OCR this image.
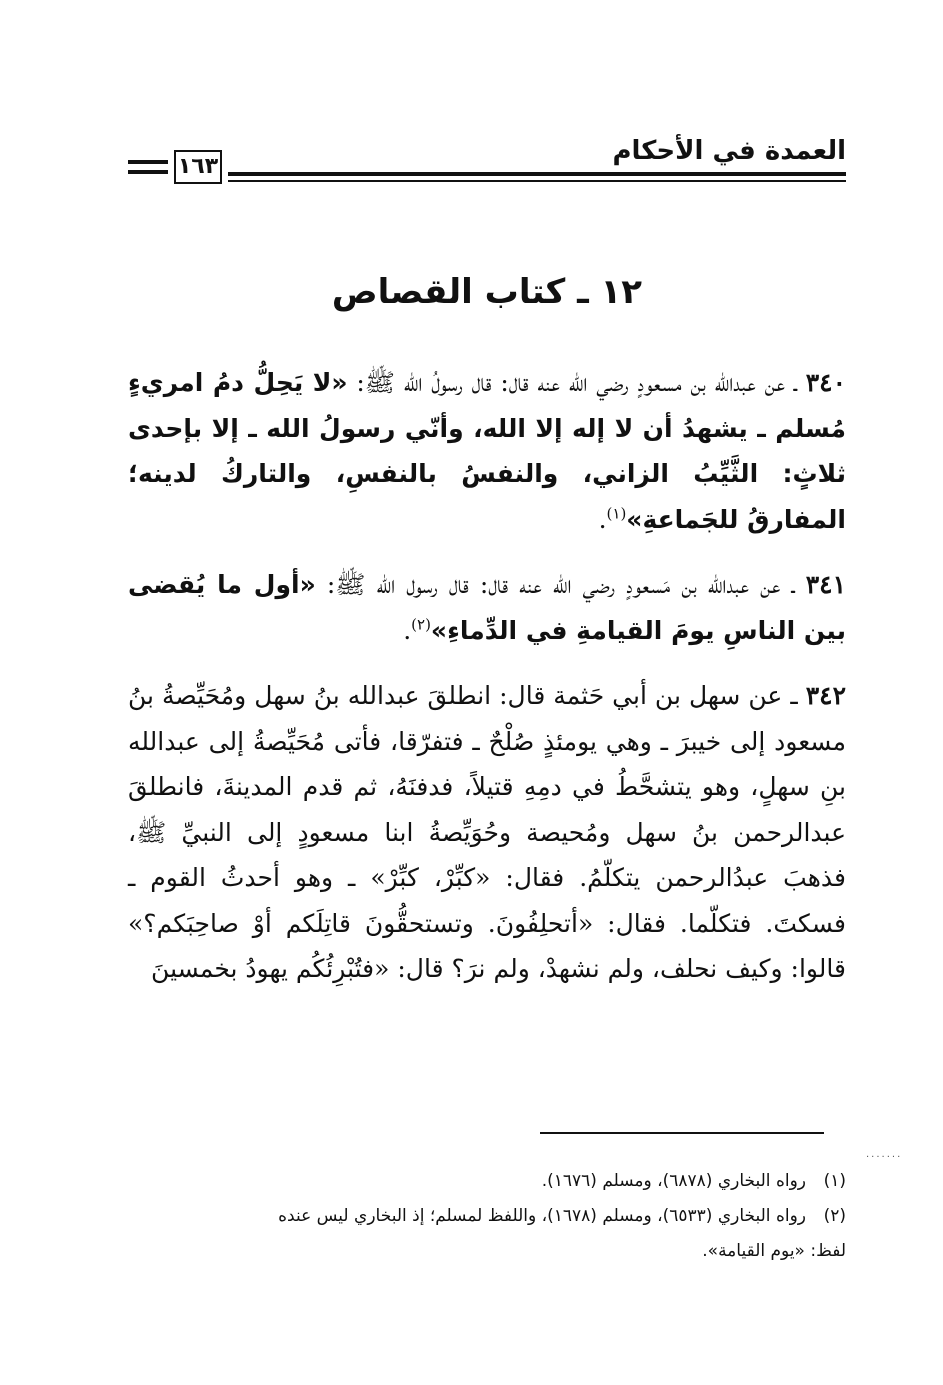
العمدة في الأحكام
١٦٣
١٢ ـ كتاب القصاص

٣٤٠ ـ عن عبدالله بن مسعودٍ رضي الله عنه قال: قال رسولُ الله ﷺ: «لا يَحِلُّ دمُ امريءٍ مُسلم ـ يشهدُ أن لا إله إلا الله، وأنّي رسولُ الله ـ إلا بإحدى ثلاثٍ: الثَّيِّبُ الزاني، والنفسُ بالنفسِ، والتاركُ لدينه؛ المفارقُ للجَماعةِ»$^{(١)}$.

٣٤١ ـ عن عبدالله بن مَسعودٍ رضي الله عنه قال: قال رسول الله ﷺ: «أول ما يُقضى بين الناسِ يومَ القيامةِ في الدِّماءِ»$^{(٢)}$.

٣٤٢ ـ عن سهل بن أبي حَثمة قال: انطلقَ عبدالله بنُ سهل ومُحَيِّصةُ بنُ مسعود إلى خيبرَ ـ وهي يومئذٍ صُلْحٌ ـ فتفرّقا، فأتى مُحَيِّصةُ إلى عبدالله بنِ سهلٍ، وهو يتشحَّطُ في دمِهِ قتيلاً، فدفنَهُ، ثم قدم المدينةَ، فانطلقَ عبدالرحمن بنُ سهل ومُحيصة وحُوَيِّصةُ ابنا مسعودٍ إلى النبيِّ ﷺ، فذهبَ عبدُالرحمن يتكلّمُ. فقال: «كبِّرْ، كبِّرْ» ـ وهو أحدثُ القوم ـ فسكتَ. فتكلّما. فقال: «أتحلِفُونَ. وتستحقُّونَ قاتِلَكم أوْ صاحِبَكم؟» قالوا: وكيف نحلف، ولم نشهدْ، ولم نرَ؟ قال: «فتُبْرِئُكُم يهودُ بخمسينَ

·······

(١)رواه البخاري (٦٨٧٨)، ومسلم (١٦٧٦).

(٢)رواه البخاري (٦٥٣٣)، ومسلم (١٦٧٨)، واللفظ لمسلم؛ إذ البخاري ليس عنده

لفظ: «يوم القيامة».
